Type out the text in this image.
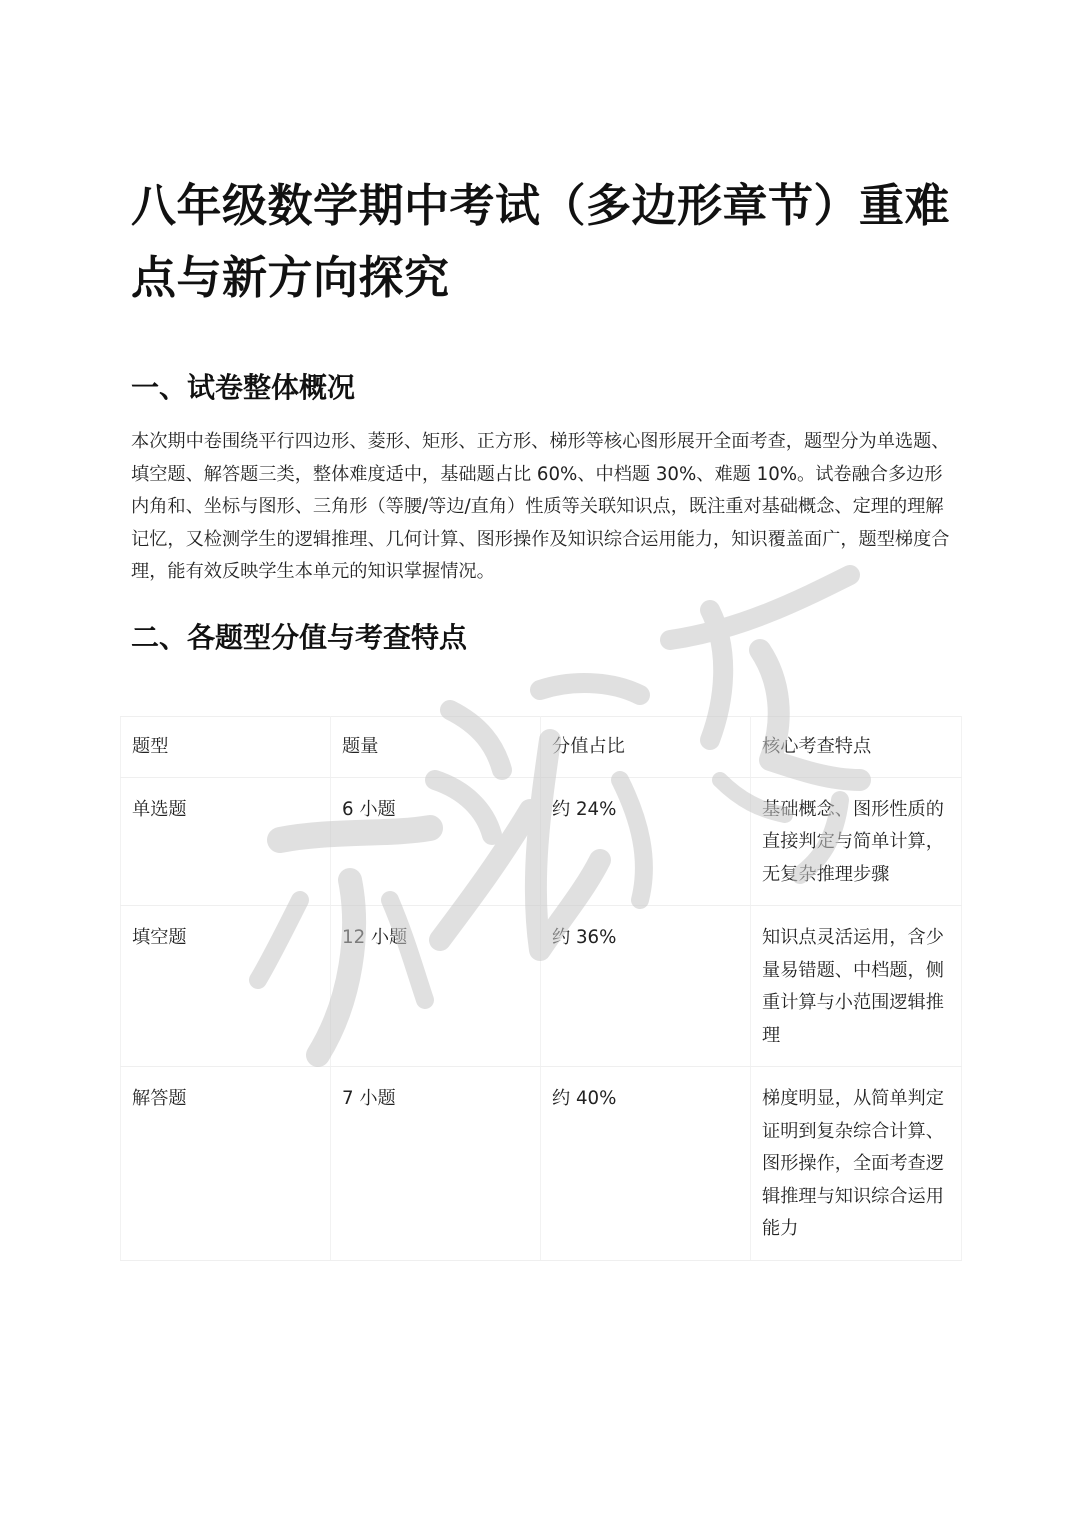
八年级数学期中考试（多边形章节）重难点与新方向探究
一、试卷整体概况

本次期中卷围绕平行四边形、菱形、矩形、正方形、梯形等核心图形展开全面考查，题型分为单选题、填空题、解答题三类，整体难度适中，基础题占比 60%、中档题 30%、难题 10%。试卷融合多边形内角和、坐标与图形、三角形（等腰/等边/直角）性质等关联知识点，既注重对基础概念、定理的理解记忆，又检测学生的逻辑推理、几何计算、图形操作及知识综合运用能力，知识覆盖面广，题型梯度合理，能有效反映学生本单元的知识掌握情况。

二、各题型分值与考查特点
题型	题量	分值占比	核心考查特点
单选题	6 小题	约 24%	基础概念、图形性质的直接判定与简单计算，无复杂推理步骤
填空题	12 小题	约 36%	知识点灵活运用，含少量易错题、中档题，侧重计算与小范围逻辑推理
解答题	7 小题	约 40%	梯度明显，从简单判定证明到复杂综合计算、图形操作，全面考查逻辑推理与知识综合运用能力
